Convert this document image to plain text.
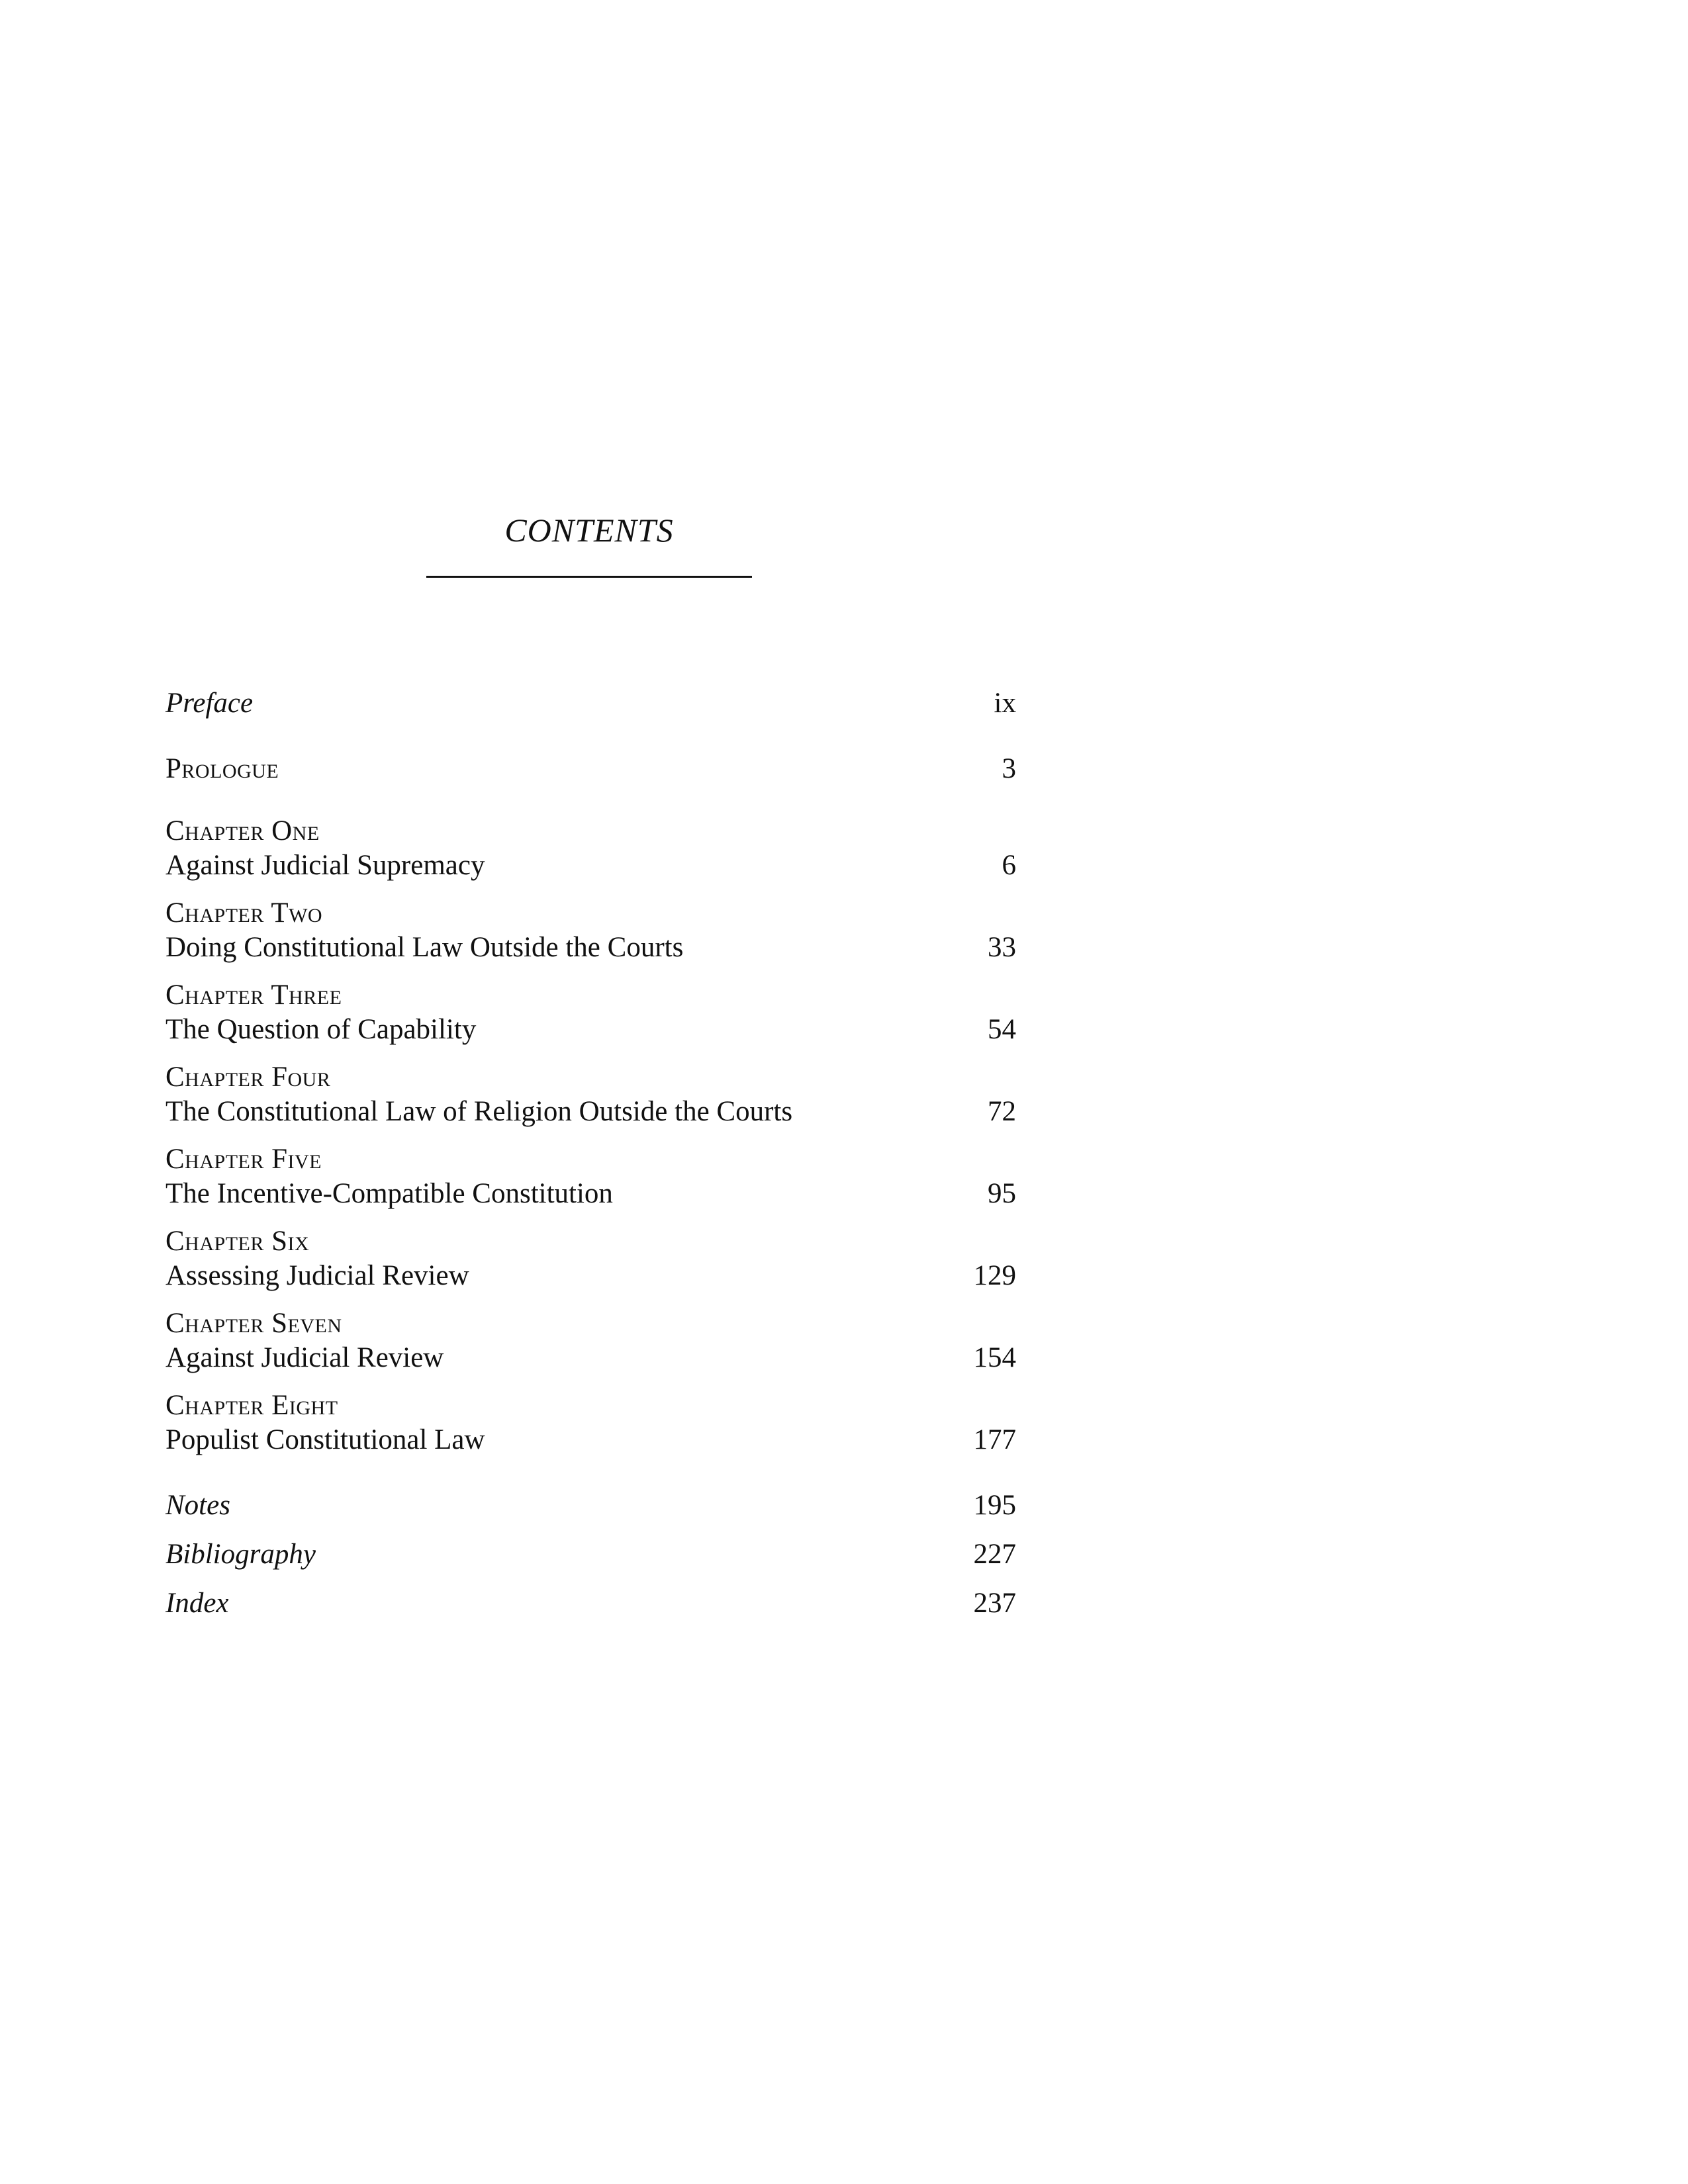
CONTENTS
Preface	ix
Prologue	3
Chapter One
Against Judicial Supremacy	6
Chapter Two
Doing Constitutional Law Outside the Courts	33
Chapter Three
The Question of Capability	54
Chapter Four
The Constitutional Law of Religion Outside the Courts	72
Chapter Five
The Incentive-Compatible Constitution	95
Chapter Six
Assessing Judicial Review	129
Chapter Seven
Against Judicial Review	154
Chapter Eight
Populist Constitutional Law	177
Notes	195
Bibliography	227
Index	237
